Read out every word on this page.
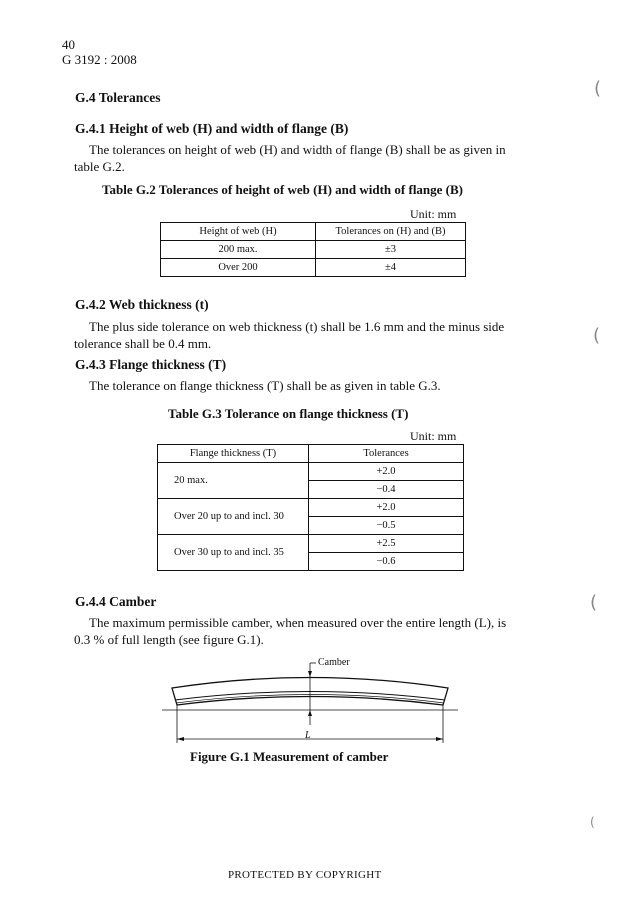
40
G 3192 : 2008
G.4 Tolerances
G.4.1 Height of web (H) and width of flange (B)
The tolerances on height of web (H) and width of flange (B) shall be as given in
table G.2.
Table G.2 Tolerances of height of web (H) and width of flange (B)
Unit: mm
Height of web (H)	Tolerances on (H) and (B)
200 max.	±3
Over 200	±4
G.4.2 Web thickness (t)
The plus side tolerance on web thickness (t) shall be 1.6 mm and the minus side
tolerance shall be 0.4 mm.
G.4.3 Flange thickness (T)
The tolerance on flange thickness (T) shall be as given in table G.3.
Table G.3 Tolerance on flange thickness (T)
Unit: mm
Flange thickness (T)	Tolerances
20 max.	+2.0
	−0.4
Over 20 up to and incl. 30	+2.0
	−0.5
Over 30 up to and incl. 35	+2.5
	−0.6
G.4.4 Camber
The maximum permissible camber, when measured over the entire length (L), is
0.3 % of full length (see figure G.1).
Camber
L
Figure G.1 Measurement of camber
PROTECTED BY COPYRIGHT
(
(
(
(
